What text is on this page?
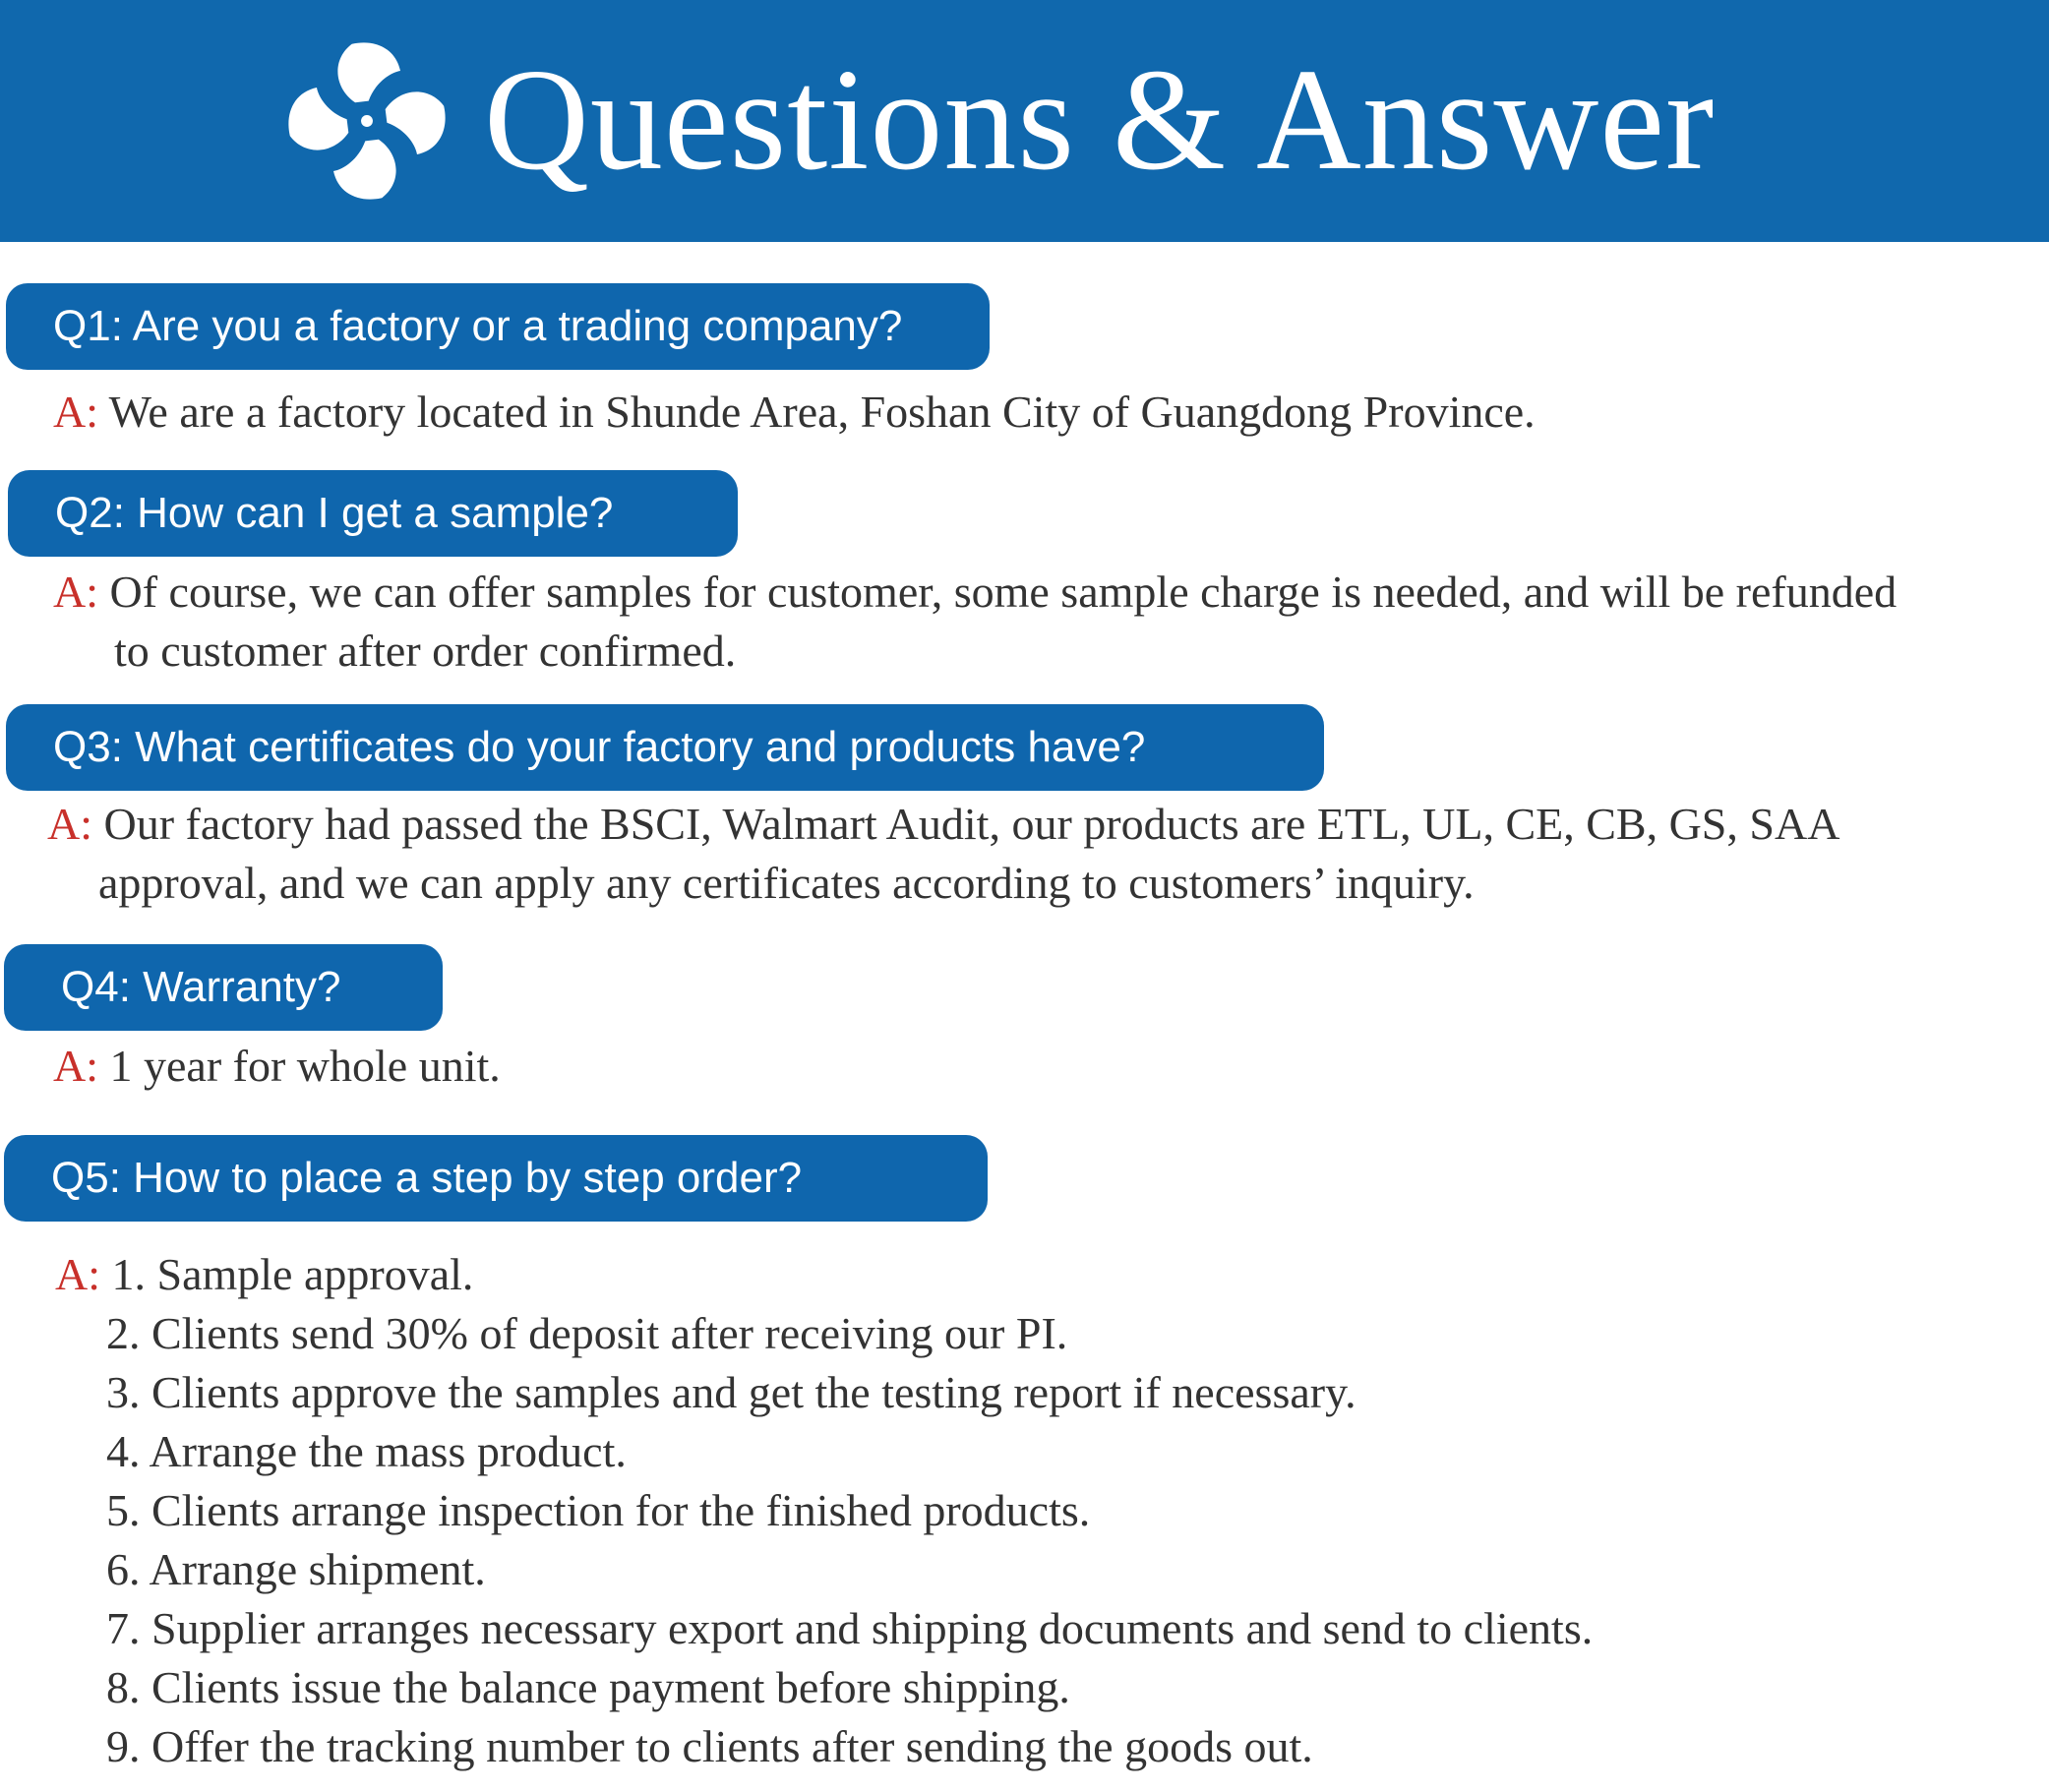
Questions & Answer
Q1: Are you a factory or a trading company?
A: We are a factory located in Shunde Area, Foshan City of Guangdong Province.
Q2: How can I get a sample?
A: Of course, we can offer samples for customer, some sample charge is needed, and will be refunded
to customer after order confirmed.
Q3: What certificates do your factory and products have?
A: Our factory had passed the BSCI, Walmart Audit, our products are ETL, UL, CE, CB, GS, SAA
approval, and we can apply any certificates according to customers’ inquiry.
Q4: Warranty?
A: 1 year for whole unit.
Q5: How to place a step by step order?
A: 1. Sample approval.
2. Clients send 30% of deposit after receiving our PI.
3. Clients approve the samples and get the testing report if necessary.
4. Arrange the mass product.
5. Clients arrange inspection for the finished products.
6. Arrange shipment.
7. Supplier arranges necessary export and shipping documents and send to clients.
8. Clients issue the balance payment before shipping.
9. Offer the tracking number to clients after sending the goods out.
